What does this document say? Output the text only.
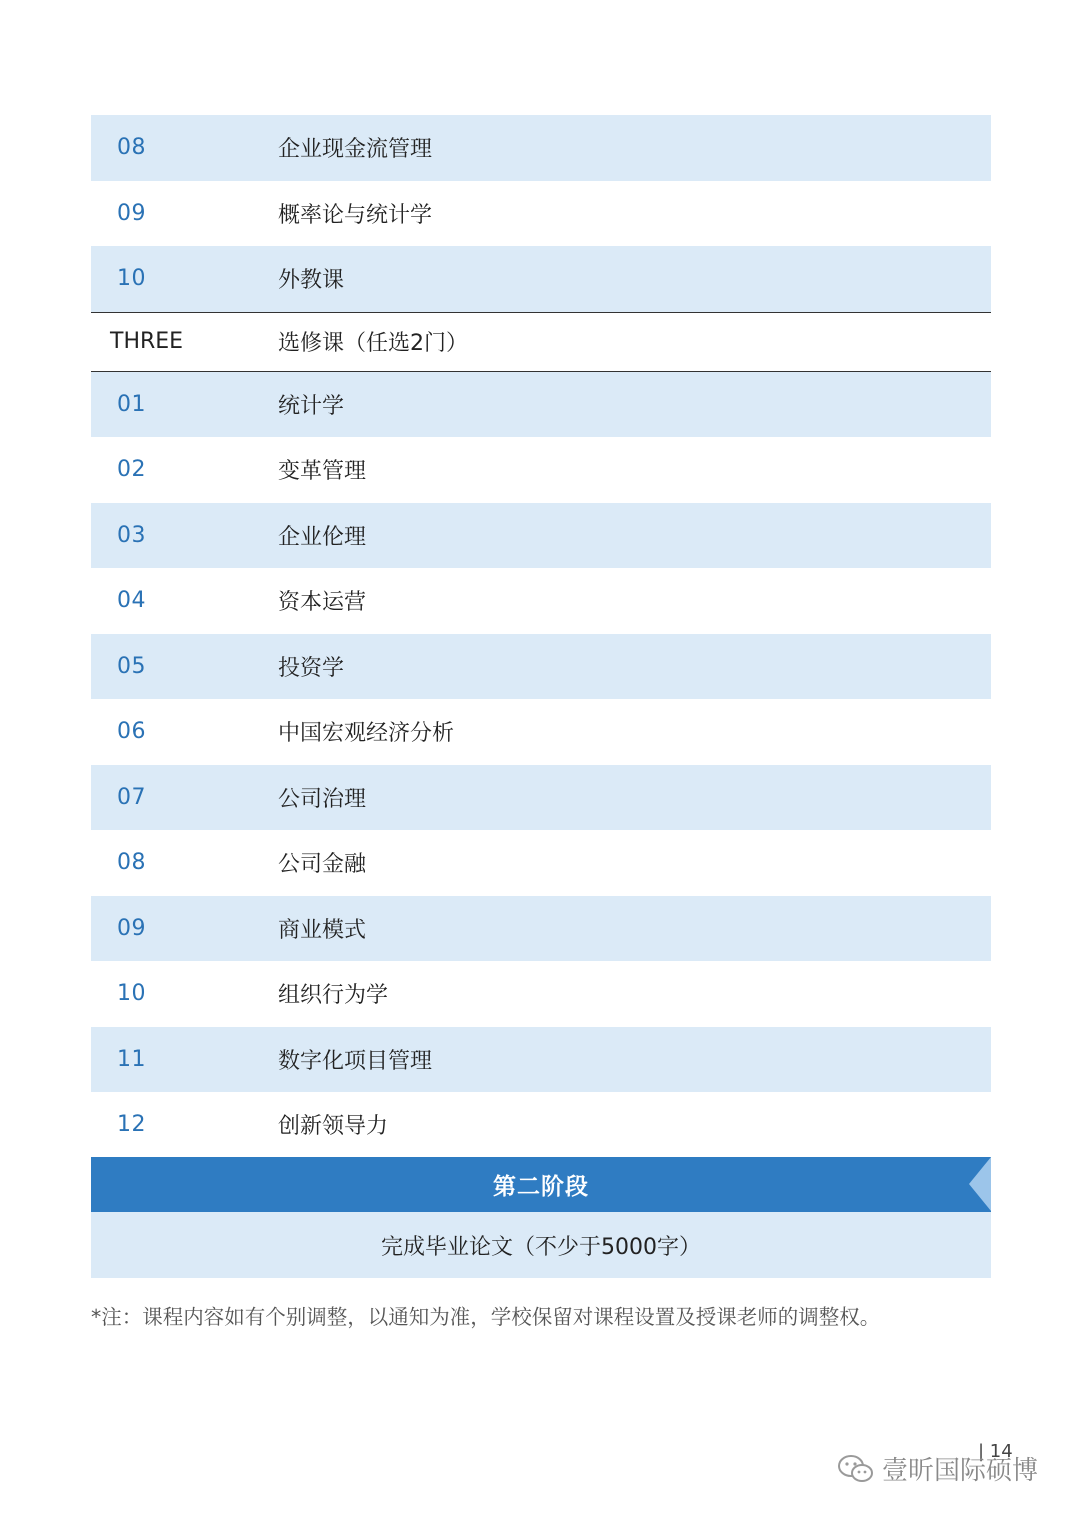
08	企业现金流管理
09	概率论与统计学
10	外教课
THREE	选修课（任选2门）
01	统计学
02	变革管理
03	企业伦理
04	资本运营
05	投资学
06	中国宏观经济分析
07	公司治理
08	公司金融
09	商业模式
10	组织行为学
11	数字化项目管理
12	创新领导力
第二阶段
完成毕业论文（不少于5000字）
*注：课程内容如有个别调整，以通知为准，学校保留对课程设置及授课老师的调整权。
| 14
壹昕国际硕博
